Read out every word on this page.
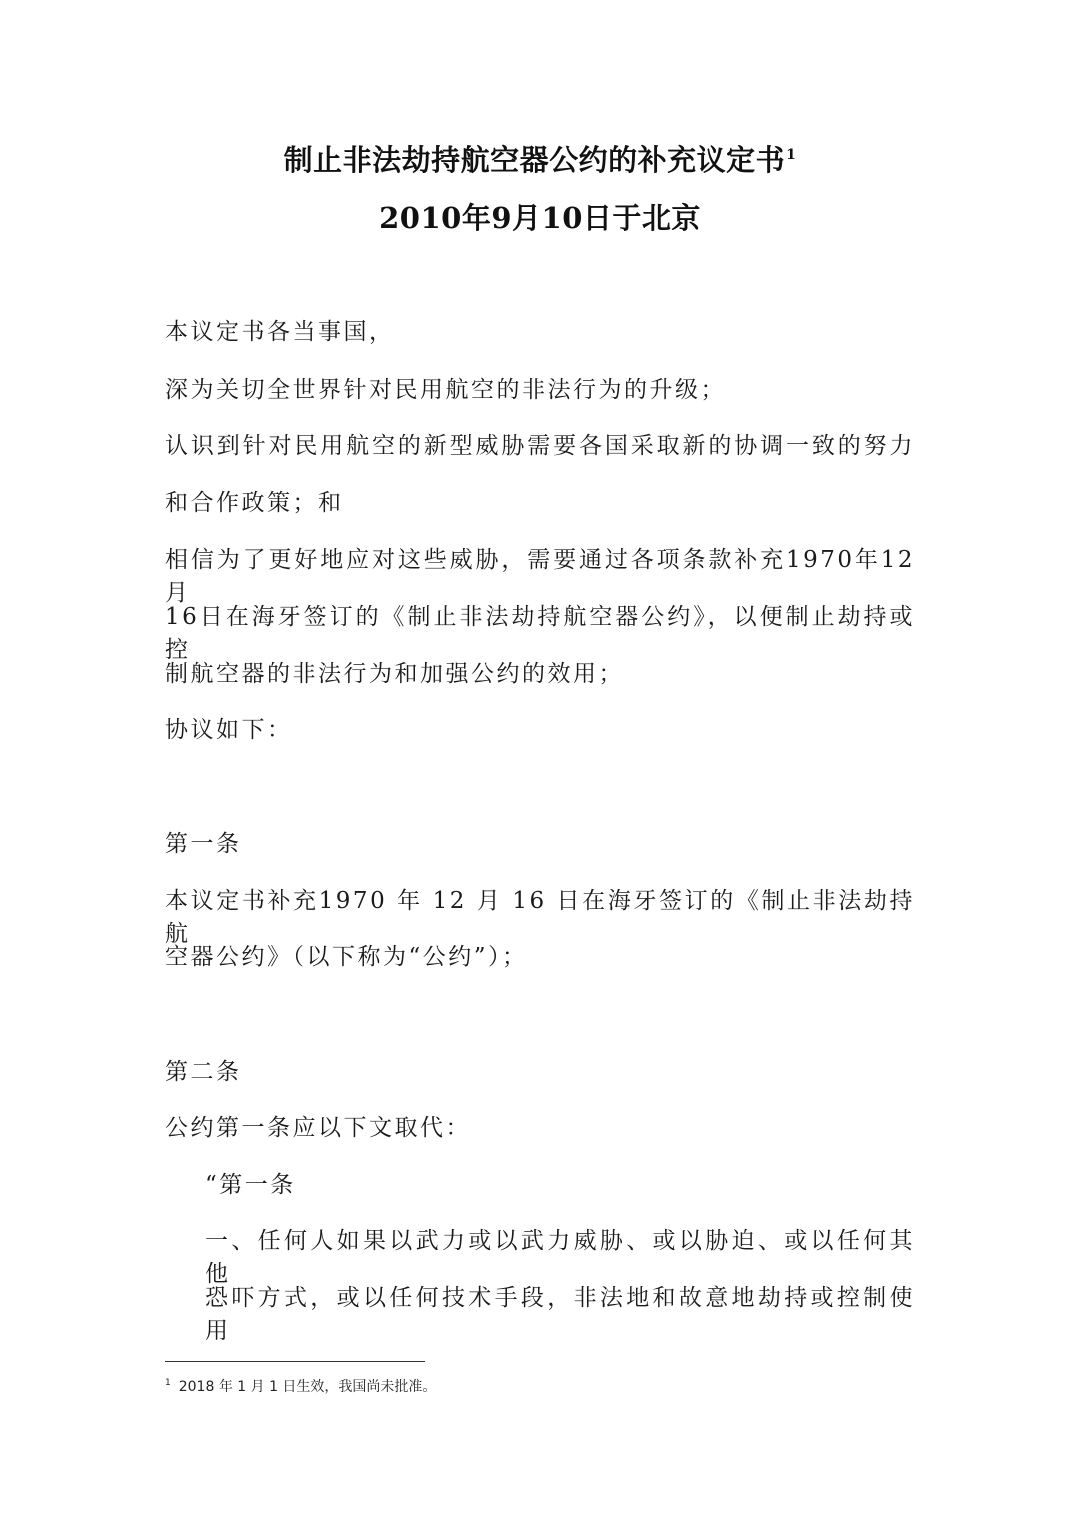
制止非法劫持航空器公约的补充议定书$^1$
2010年9月10日于北京
本议定书各当事国，
深为关切全世界针对民用航空的非法行为的升级；
认识到针对民用航空的新型威胁需要各国采取新的协调一致的努力
和合作政策；和
相信为了更好地应对这些威胁，需要通过各项条款补充1970年12月
16日在海牙签订的《制止非法劫持航空器公约》，以便制止劫持或控
制航空器的非法行为和加强公约的效用；
协议如下：
第一条
本议定书补充1970 年 12 月 16 日在海牙签订的《制止非法劫持航
空器公约》（以下称为“公约”）；
第二条
公约第一条应以下文取代：
“第一条
一、任何人如果以武力或以武力威胁、或以胁迫、或以任何其他
恐吓方式，或以任何技术手段，非法地和故意地劫持或控制使用
$^1$ 2018 年 1 月 1 日生效，我国尚未批准。
